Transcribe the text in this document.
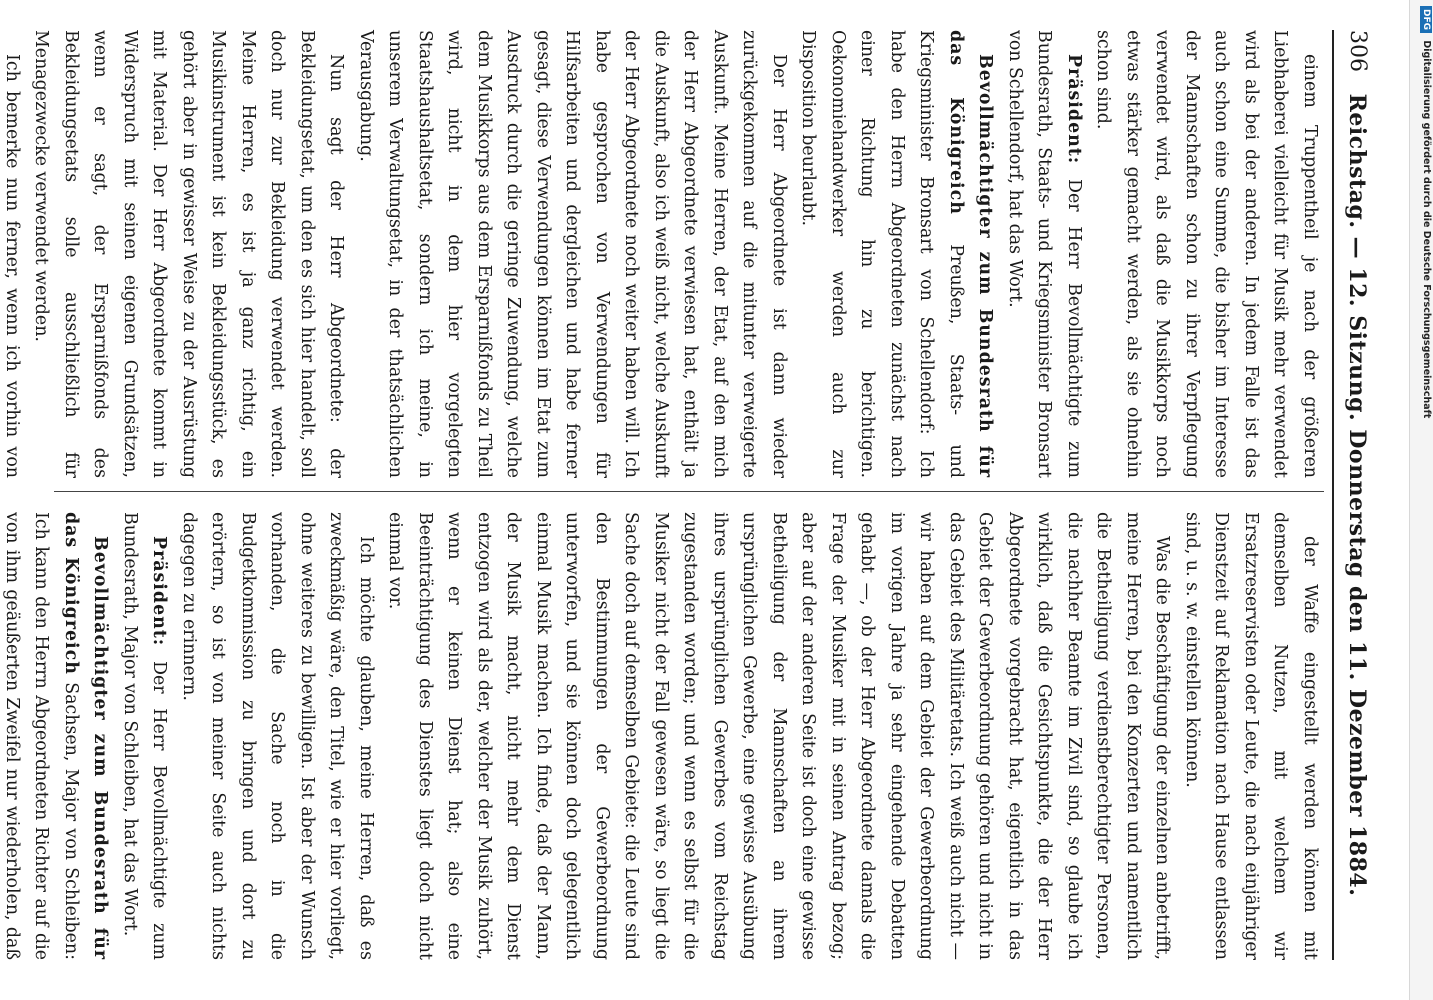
306
Reichstag. — 12. Sitzung. Donnerstag den 11. Dezember 1884.

einem Truppentheil je nach der größeren Liebhaberei vielleicht für Musik mehr verwendet wird als bei der anderen. In jedem Falle ist das auch schon eine Summe, die bisher im Interesse der Mannschaften schon zu ihrer Verpflegung verwendet wird, als daß die Musikkorps noch etwas stärker gemacht werden, als sie ohnehin schon sind.

Präsident: Der Herr Bevollmächtigte zum Bundesrath, Staats- und Kriegsminister Bronsart von Schellendorf, hat das Wort.

Bevollmächtigter zum Bundesrath für das Königreich Preußen, Staats- und Kriegsminister Bronsart von Schellendorf: Ich habe den Herrn Abgeordneten zunächst nach einer Richtung hin zu berichtigen. Oekonomiehandwerker werden auch zur Disposition beurlaubt.

Der Herr Abgeordnete ist dann wieder zurückgekommen auf die mitunter verweigerte Auskunft. Meine Herren, der Etat, auf den mich der Herr Abgeordnete verwiesen hat, enthält ja die Auskunft, also ich weiß nicht, welche Auskunft der Herr Abgeordnete noch weiter haben will. Ich habe gesprochen von Verwendungen für Hilfsarbeiten und dergleichen und habe ferner gesagt, diese Verwendungen können im Etat zum Ausdruck durch die geringe Zuwendung, welche dem Musikkorps aus dem Ersparnißfonds zu Theil wird, nicht in dem hier vorgelegten Staatshaushaltsetat, sondern ich meine, in unserem Verwaltungsetat, in der thatsächlichen Verausgabung.

Nun sagt der Herr Abgeordnete: der Bekleidungsetat, um den es sich hier handelt, soll doch nur zur Bekleidung verwendet werden. Meine Herren, es ist ja ganz richtig, ein Musikinstrument ist kein Bekleidungsstück, es gehört aber in gewisser Weise zu der Ausrüstung mit Material. Der Herr Abgeordnete kommt in Widerspruch mit seinen eigenen Grundsätzen, wenn er sagt, der Ersparnißfonds des Bekleidungsetats solle ausschließlich für Menagezwecke verwendet werden.

Ich bemerke nun ferner, wenn ich vorhin von

der Waffe eingestellt werden können mit demselben Nutzen, mit welchem wir Ersatzreservisten oder Leute, die nach einjähriger Dienstzeit auf Reklamation nach Hause entlassen sind, u. s. w. einstellen können.

Was die Beschäftigung der einzelnen anbetrifft, meine Herren, bei den Konzerten und namentlich die Betheiligung verdienstberechtigter Personen, die nachher Beamte im Zivil sind, so glaube ich wirklich, daß die Gesichtspunkte, die der Herr Abgeordnete vorgebracht hat, eigentlich in das Gebiet der Gewerbeordnung gehören und nicht in das Gebiet des Militäretats. Ich weiß auch nicht — wir haben auf dem Gebiet der Gewerbeordnung im vorigen Jahre ja sehr eingehende Debatten gehabt —, ob der Herr Abgeordnete damals die Frage der Musiker mit in seinen Antrag bezog; aber auf der anderen Seite ist doch eine gewisse Betheiligung der Mannschaften an ihrem ursprünglichen Gewerbe, eine gewisse Ausübung ihres ursprünglichen Gewerbes vom Reichstag zugestanden worden; und wenn es selbst für die Musiker nicht der Fall gewesen wäre, so liegt die Sache doch auf demselben Gebiete: die Leute sind den Bestimmungen der Gewerbeordnung unterworfen, und sie können doch gelegentlich einmal Musik machen. Ich finde, daß der Mann, der Musik macht, nicht mehr dem Dienst entzogen wird als der, welcher der Musik zuhört, wenn er keinen Dienst hat; also eine Beeinträchtigung des Dienstes liegt doch nicht einmal vor.

Ich möchte glauben, meine Herren, daß es zweckmäßig wäre, den Titel, wie er hier vorliegt, ohne weiteres zu bewilligen. Ist aber der Wunsch vorhanden, die Sache noch in die Budgetkommission zu bringen und dort zu erörtern, so ist von meiner Seite auch nichts dagegen zu erinnern.

Präsident: Der Herr Bevollmächtigte zum Bundesrath, Major von Schleiben, hat das Wort.

Bevollmächtigter zum Bundesrath für das Königreich Sachsen, Major von Schleiben: Ich kann den Herrn Abgeordneten Richter auf die von ihm geäußerten Zweifel nur wiederholen, daß

DFG Digitalisierung gefördert durch die Deutsche Forschungsgemeinschaft
